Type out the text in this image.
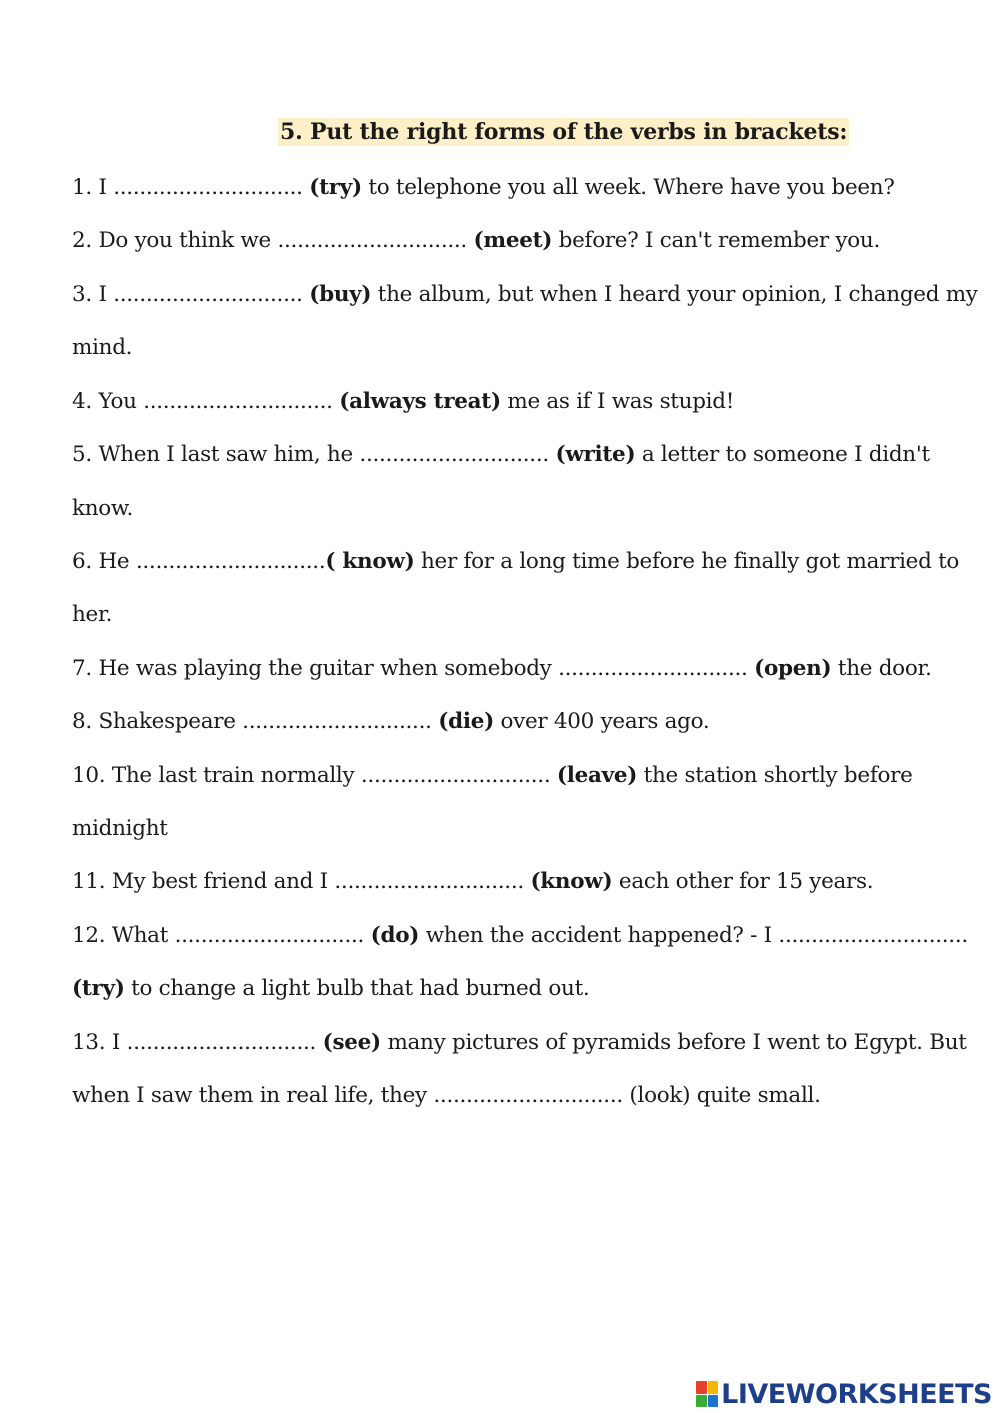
5. Put the right forms of the verbs in brackets:
1. I ............................. (try) to telephone you all week. Where have you been?
2. Do you think we ............................. (meet) before? I can't remember you.
3. I ............................. (buy) the album, but when I heard your opinion, I changed my
mind.
4. You ............................. (always treat) me as if I was stupid!
5. When I last saw him, he ............................. (write) a letter to someone I didn't
know.
6. He .............................( know) her for a long time before he finally got married to
her.
7. He was playing the guitar when somebody ............................. (open) the door.
8. Shakespeare ............................. (die) over 400 years ago.
10. The last train normally ............................. (leave) the station shortly before
midnight
11. My best friend and I ............................. (know) each other for 15 years.
12. What ............................. (do) when the accident happened? - I .............................
(try) to change a light bulb that had burned out.
13. I ............................. (see) many pictures of pyramids before I went to Egypt. But
when I saw them in real life, they ............................. (look) quite small.
LIVEWORKSHEETS
